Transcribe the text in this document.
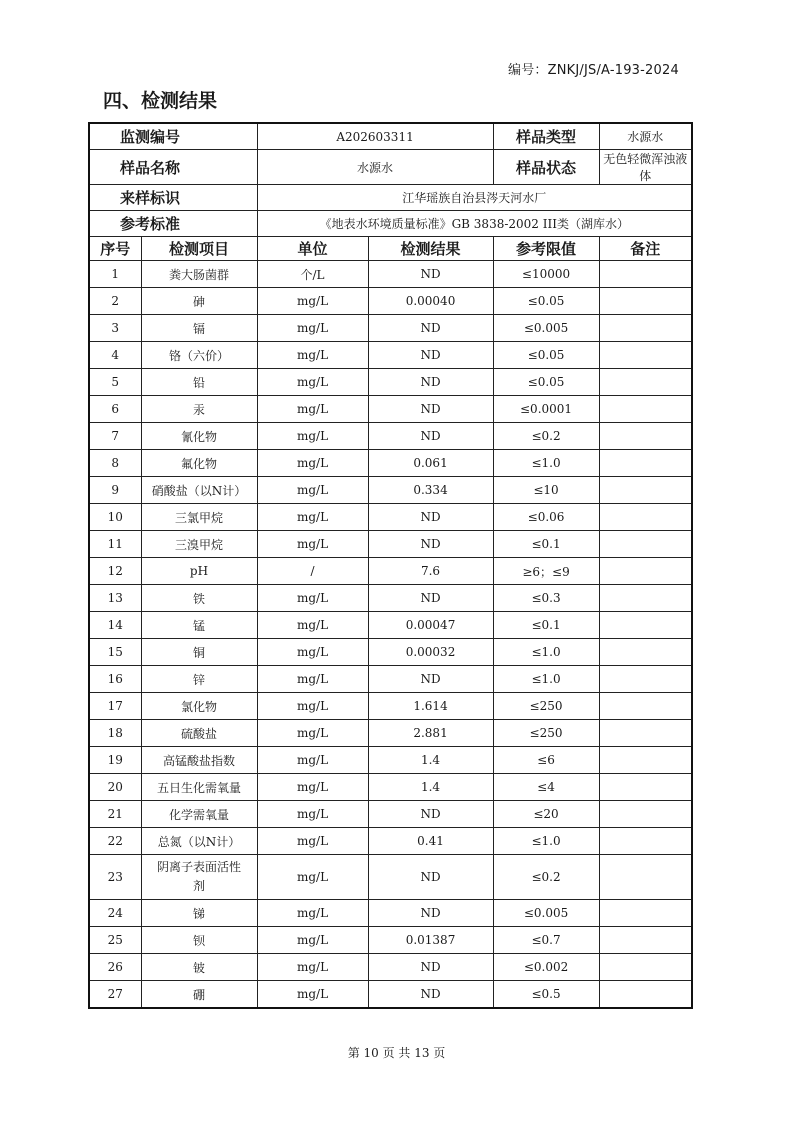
编号：ZNKJ/JS/A-193-2024
四、检测结果
监测编号		A202603311		样品类型	水源水
样品名称		水源水		样品状态	无色轻微浑浊液体
来样标识		江华瑶族自治县涔天河水厂			
参考标准		《地表水环境质量标准》GB 3838-2002 III类（湖库水）			
序号	检测项目	单位	检测结果	参考限值	备注
1	粪大肠菌群	个/L	ND	≤10000	
2	砷	mg/L	0.00040	≤0.05	
3	镉	mg/L	ND	≤0.005	
4	铬（六价）	mg/L	ND	≤0.05	
5	铅	mg/L	ND	≤0.05	
6	汞	mg/L	ND	≤0.0001	
7	氰化物	mg/L	ND	≤0.2	
8	氟化物	mg/L	0.061	≤1.0	
9	硝酸盐（以N计）	mg/L	0.334	≤10	
10	三氯甲烷	mg/L	ND	≤0.06	
11	三溴甲烷	mg/L	ND	≤0.1	
12	pH	/	7.6	≥6；≤9	
13	铁	mg/L	ND	≤0.3	
14	锰	mg/L	0.00047	≤0.1	
15	铜	mg/L	0.00032	≤1.0	
16	锌	mg/L	ND	≤1.0	
17	氯化物	mg/L	1.614	≤250	
18	硫酸盐	mg/L	2.881	≤250	
19	高锰酸盐指数	mg/L	1.4	≤6	
20	五日生化需氧量	mg/L	1.4	≤4	
21	化学需氧量	mg/L	ND	≤20	
22	总氮（以N计）	mg/L	0.41	≤1.0	
23	阴离子表面活性剂	mg/L	ND	≤0.2	
24	锑	mg/L	ND	≤0.005	
25	钡	mg/L	0.01387	≤0.7	
26	铍	mg/L	ND	≤0.002	
27	硼	mg/L	ND	≤0.5	
第 10 页 共 13 页
